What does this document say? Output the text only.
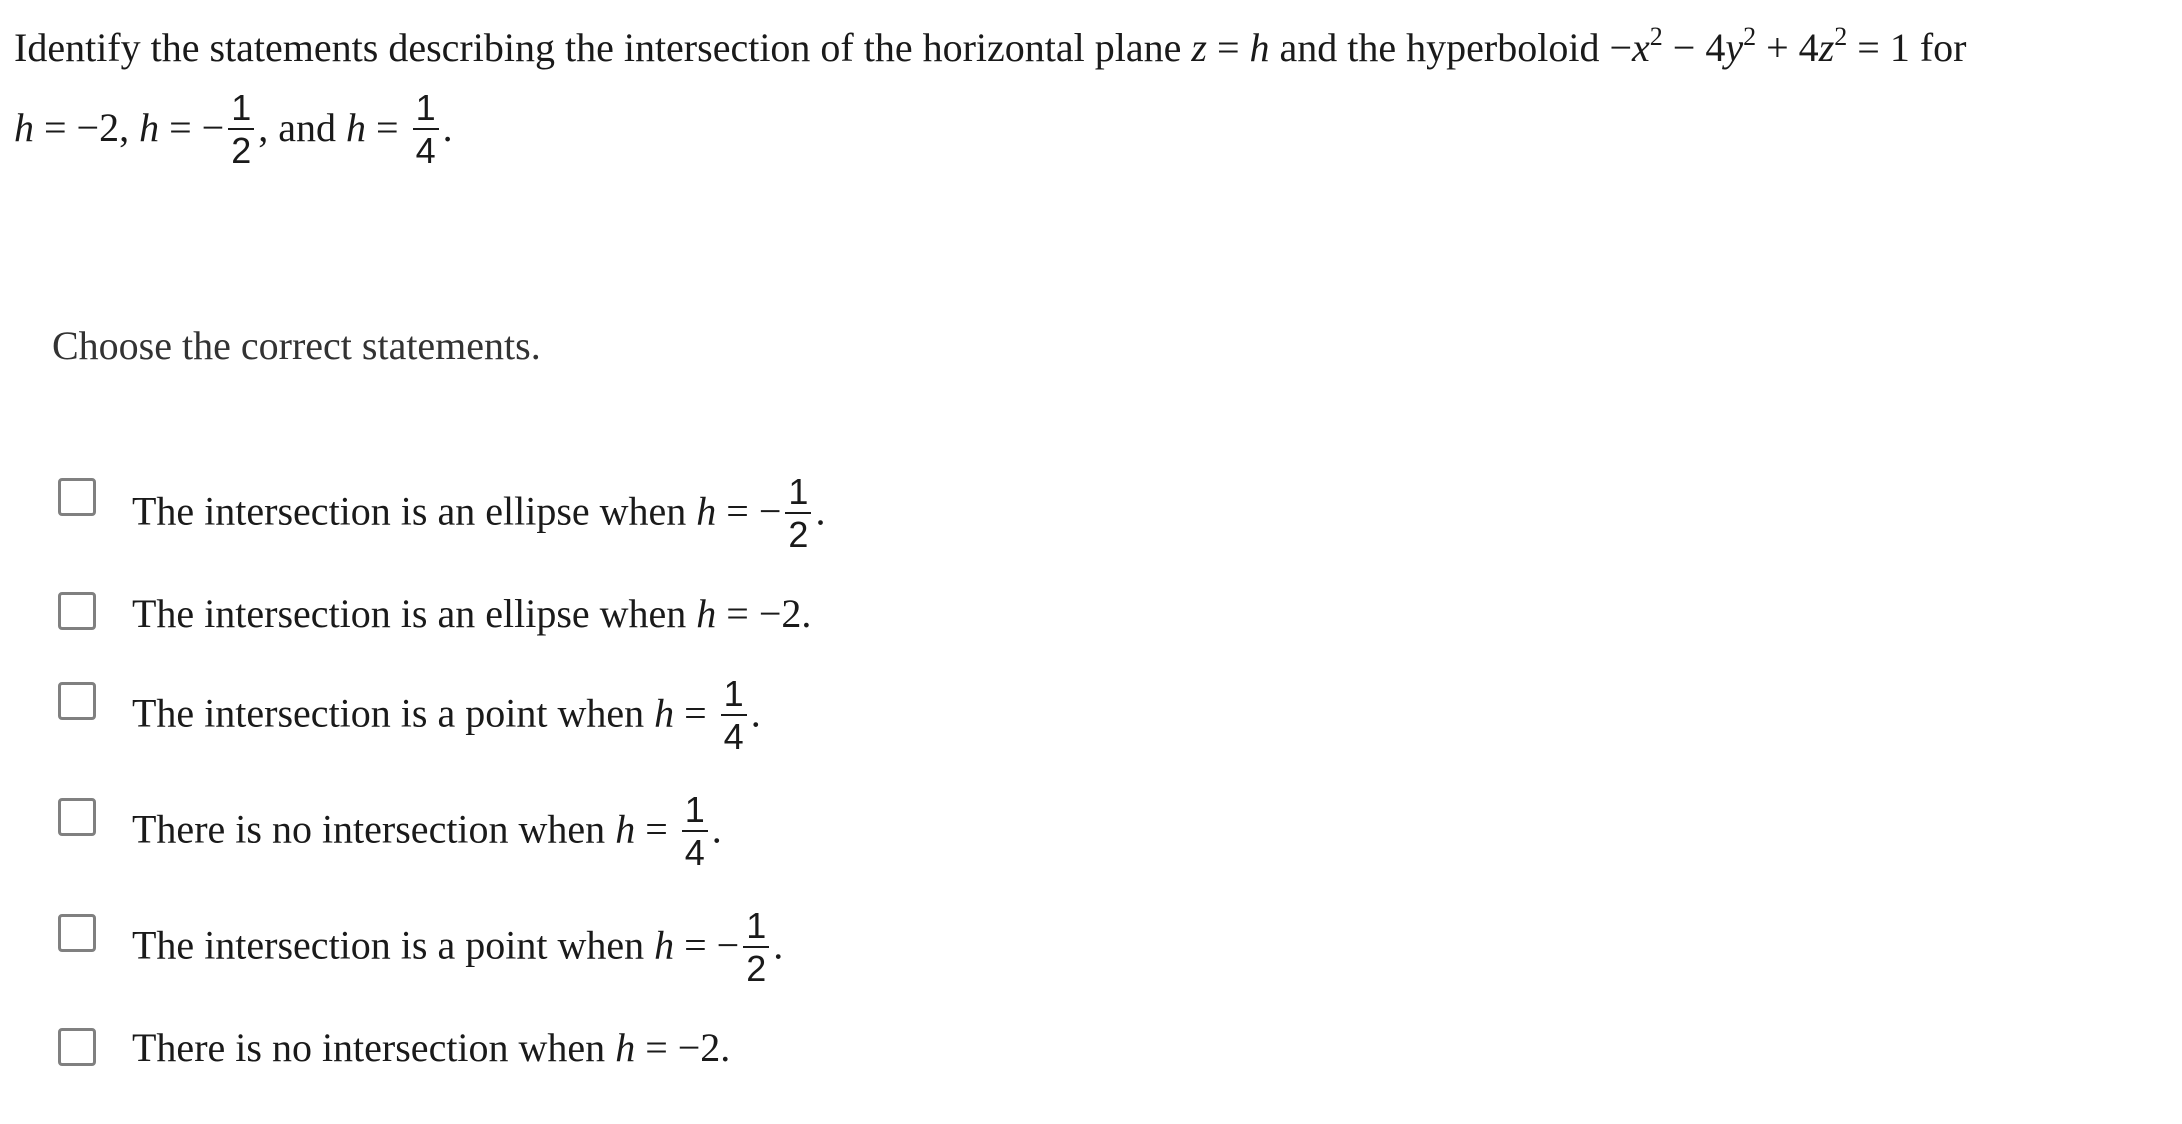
Identify the statements describing the intersection of the horizontal plane z = h and the hyperboloid $-x^2 - 4y^2 + 4z^2 = 1$ for
h = −2, h = − $\frac{1}{2}$ , and $h = \frac{1}{4}$ .
Choose the correct statements.
The intersection is an ellipse when h = − $\frac{1}{2}$ .
The intersection is an ellipse when h = −2.
The intersection is a point when $h = \frac{1}{4}$ .
There is no intersection when $h = \frac{1}{4}$ .
The intersection is a point when h = − $\frac{1}{2}$ .
There is no intersection when h = −2.
